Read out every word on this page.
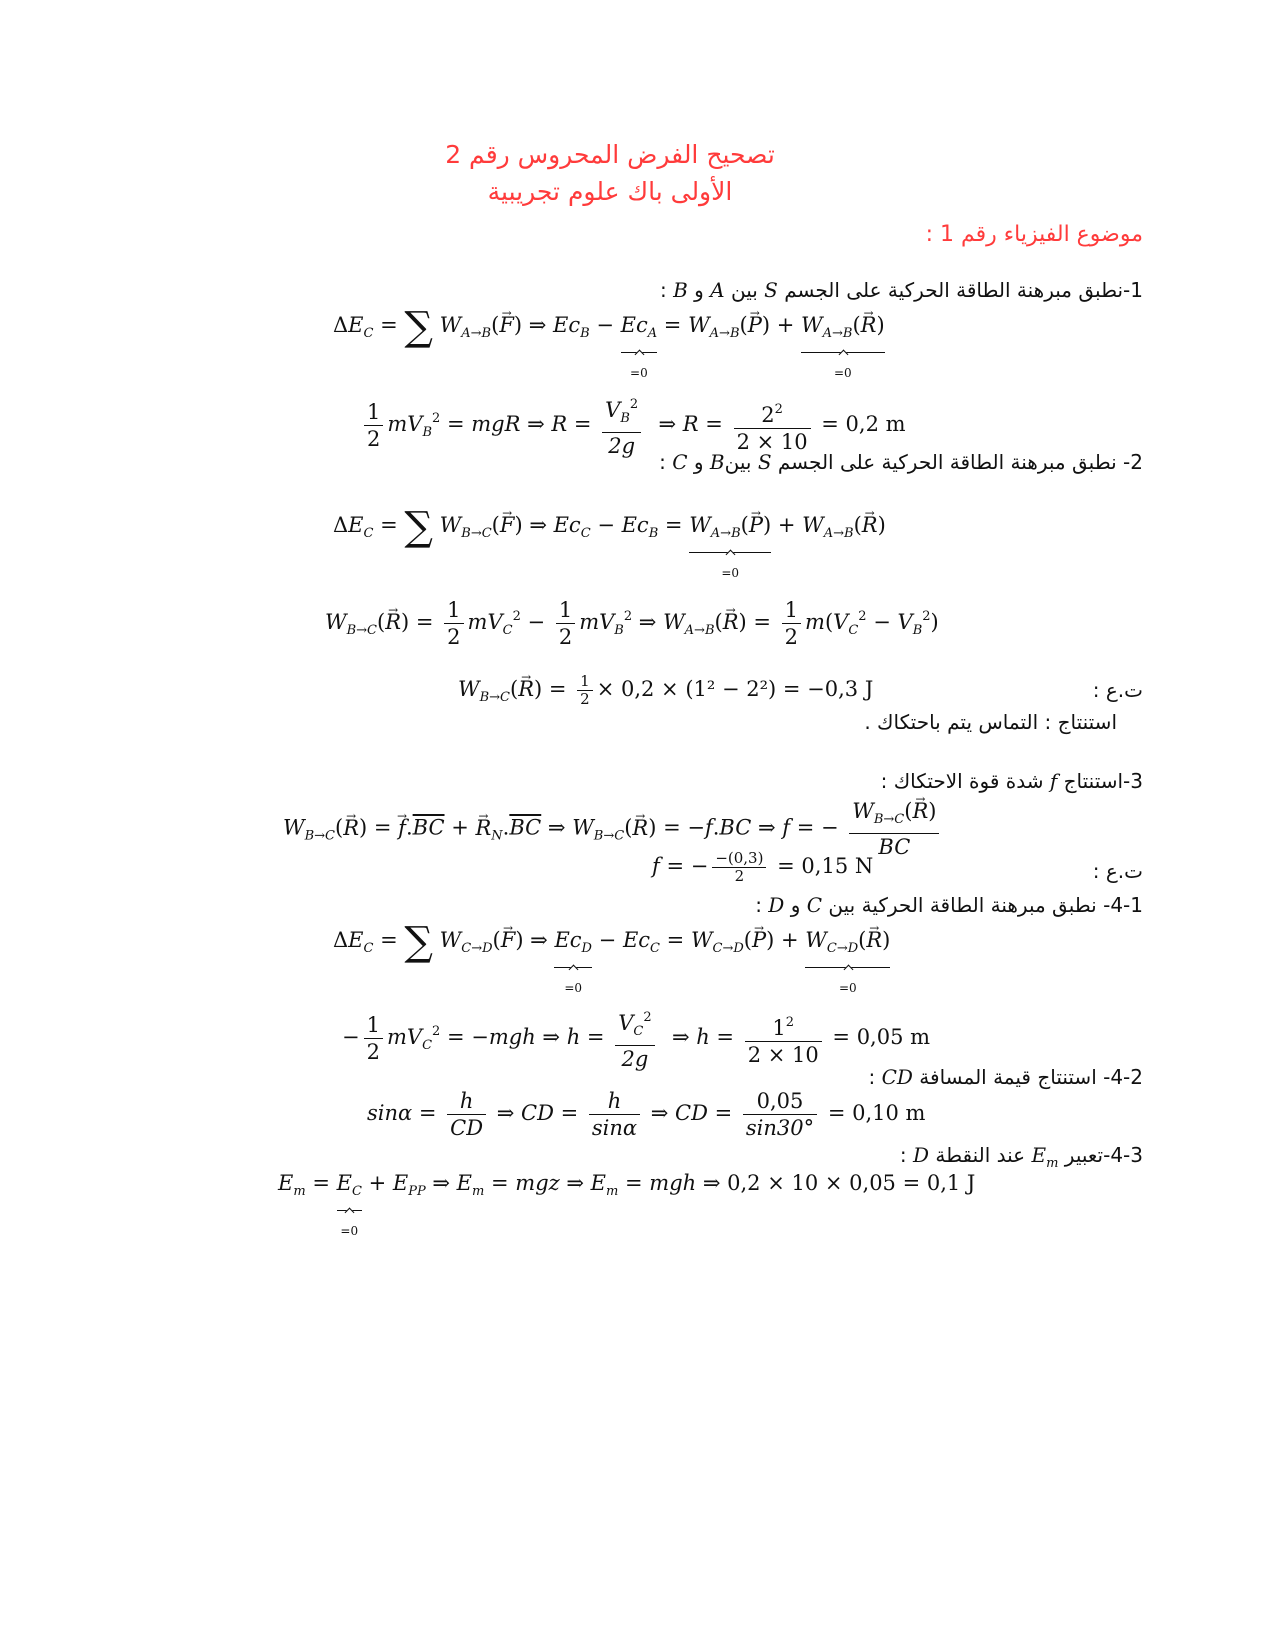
تصحيح الفرض المحروس رقم 2
الأولى باك علوم تجريبية
موضوع الفيزياء رقم 1 :
1-نطبق مبرهنة الطاقة الحركية على الجسم S بين A و B :
$\Delta E_C$ = ∑ $W_{A\to B}(\to F)$ ⇒ $Ec_B - Ec_A$
=0
= $W_{A\to B}(\to P) + W_{A\to B}(\to R)$
=0
$\frac{1}{2} mV_B^2$ = mgR ⇒ $R = \frac{V_B^2}{2g}$ ⇒ $R = \frac{2^2}{2 \times 10} = 0,2$ m
2- نطبق مبرهنة الطاقة الحركية على الجسم S بينB و C :
$\Delta E_C$ = ∑ $W_{B\to C}(\to F)$ ⇒ $Ec_C - Ec_B = W_{A\to B}(\to P)$
=0
+ $W_{A\to B}(\to R)$
$W_{B\to C}(\to R) = \frac{1}{2} mV_C^2 - \frac{1}{2} mV_B^2$ ⇒ $W_{A\to B}(\to R) = \frac{1}{2} m(V_C^2 - V_B^2)$
ت.ع :
$W_{B\to C}(\to R) = \frac{1}{2} \times 0,2 \times (1^2 - 2^2) = -0,3$ J
استنتاج : التماس يتم باحتكاك .
3-استنتاج f شدة قوة الاحتكاك :
$W_{B\to C}(\to R)$ = → $f.\overline{BC}$ + → $R_N.\overline{BC}$ ⇒ $W_{B\to C}(\to R) = -f.BC$ ⇒ f = − $\frac{W_{B\to C}(\to R)}{BC}$
ت.ع :
f = − $\frac{-(0,3)}{2} = 0,15$ N
4-1- نطبق مبرهنة الطاقة الحركية بين C و D :
$\Delta E_C$ = ∑ $W_{C\to D}(\to F)$ ⇒ $Ec_D$
=0
− $Ec_C = W_{C\to D}(\to P) + W_{C\to D}(\to R)$
=0
− $\frac{1}{2} mV_C^2 = -mgh$ ⇒ $h = \frac{V_C^2}{2g}$ ⇒ $h = \frac{1^2}{2 \times 10} = 0,05$ m
4-2- استنتاج قيمة المسافة CD :
$\sin\alpha = \frac{h}{CD}$ ⇒ CD = $\frac{h}{\sin\alpha}$ ⇒ CD = $\frac{0,05}{\sin 30^\circ} = 0,10$ m
4-3-تعبير $E_m$ عند النقطة D :
$E_m = E_C$
=0
+ $E_{PP}$ ⇒ $E_m$ = mgz ⇒ $E_m$ = mgh ⇒ 0,2 × 10 × 0,05 = 0,1 J
